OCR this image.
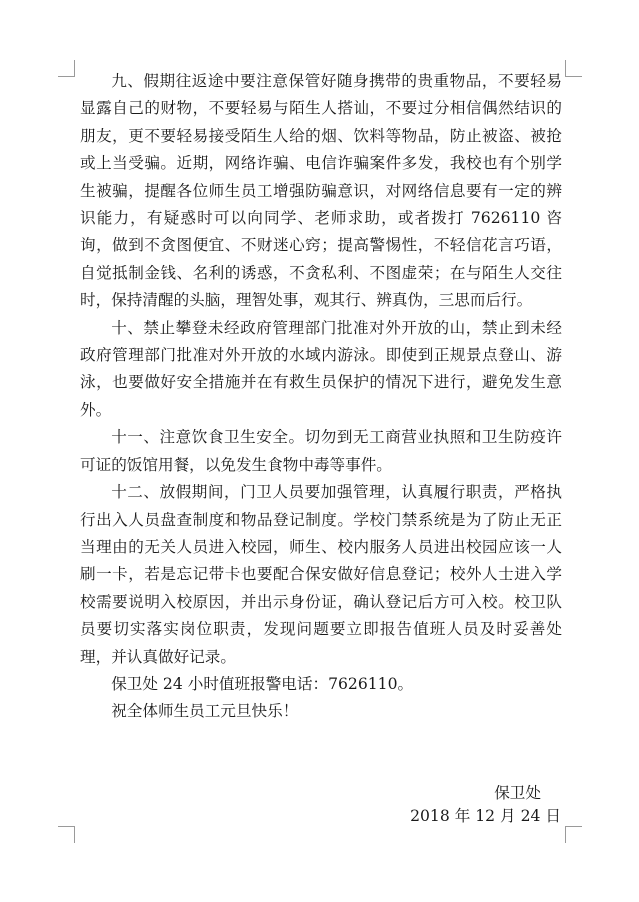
九、假期往返途中要注意保管好随身携带的贵重物品，不要轻易显露自己的财物，不要轻易与陌生人搭讪，不要过分相信偶然结识的朋友，更不要轻易接受陌生人给的烟、饮料等物品，防止被盗、被抢或上当受骗。近期，网络诈骗、电信诈骗案件多发，我校也有个别学生被骗，提醒各位师生员工增强防骗意识，对网络信息要有一定的辨识能力，有疑惑时可以向同学、老师求助，或者拨打 7626110 咨询，做到不贪图便宜、不财迷心窍；提高警惕性，不轻信花言巧语，自觉抵制金钱、名利的诱惑，不贪私利、不图虚荣；在与陌生人交往时，保持清醒的头脑，理智处事，观其行、辨真伪，三思而后行。

十、禁止攀登未经政府管理部门批准对外开放的山，禁止到未经政府管理部门批准对外开放的水域内游泳。即使到正规景点登山、游泳，也要做好安全措施并在有救生员保护的情况下进行，避免发生意外。

十一、注意饮食卫生安全。切勿到无工商营业执照和卫生防疫许可证的饭馆用餐，以免发生食物中毒等事件。

十二、放假期间，门卫人员要加强管理，认真履行职责，严格执行出入人员盘查制度和物品登记制度。学校门禁系统是为了防止无正当理由的无关人员进入校园，师生、校内服务人员进出校园应该一人刷一卡，若是忘记带卡也要配合保安做好信息登记；校外人士进入学校需要说明入校原因，并出示身份证，确认登记后方可入校。校卫队员要切实落实岗位职责，发现问题要立即报告值班人员及时妥善处理，并认真做好记录。

保卫处 24 小时值班报警电话：7626110。

祝全体师生员工元旦快乐！

保卫处
2018 年 12 月 24 日
